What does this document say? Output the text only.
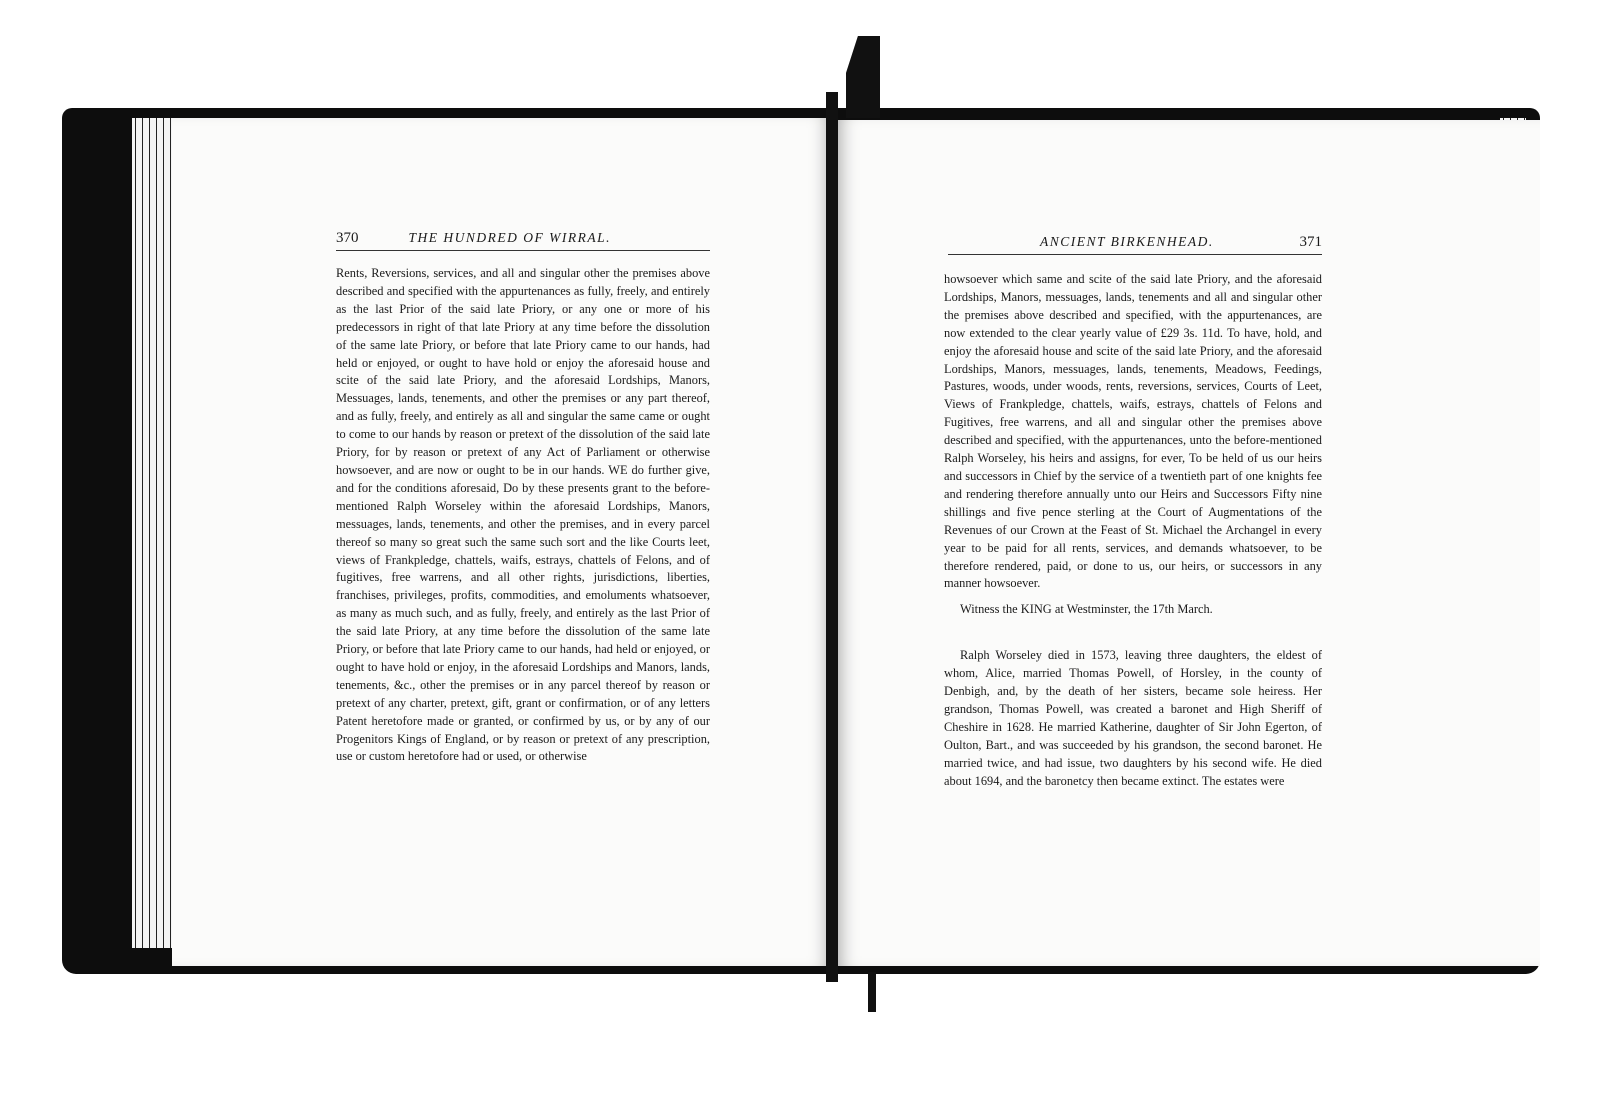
370	THE HUNDRED OF WIRRAL.

Rents, Reversions, services, and all and singular other the premises above described and specified with the appurtenances as fully, freely, and entirely as the last Prior of the said late Priory, or any one or more of his predecessors in right of that late Priory at any time before the dissolution of the same late Priory, or before that late Priory came to our hands, had held or enjoyed, or ought to have hold or enjoy the aforesaid house and scite of the said late Priory, and the aforesaid Lordships, Manors, Messuages, lands, tenements, and other the premises or any part thereof, and as fully, freely, and entirely as all and singular the same came or ought to come to our hands by reason or pretext of the dissolution of the said late Priory, for by reason or pretext of any Act of Parliament or otherwise howsoever, and are now or ought to be in our hands. WE do further give, and for the conditions aforesaid, Do by these presents grant to the before-mentioned Ralph Worseley within the aforesaid Lordships, Manors, messuages, lands, tenements, and other the premises, and in every parcel thereof so many so great such the same such sort and the like Courts leet, views of Frankpledge, chattels, waifs, estrays, chattels of Felons, and of fugitives, free warrens, and all other rights, jurisdictions, liberties, franchises, privileges, profits, commodities, and emoluments whatsoever, as many as much such, and as fully, freely, and entirely as the last Prior of the said late Priory, at any time before the dissolution of the same late Priory, or before that late Priory came to our hands, had held or enjoyed, or ought to have hold or enjoy, in the aforesaid Lordships and Manors, lands, tenements, &c., other the premises or in any parcel thereof by reason or pretext of any charter, pretext, gift, grant or confirmation, or of any letters Patent heretofore made or granted, or confirmed by us, or by any of our Progenitors Kings of England, or by reason or pretext of any prescription, use or custom heretofore had or used, or otherwise

ANCIENT BIRKENHEAD.	371

howsoever which same and scite of the said late Priory, and the aforesaid Lordships, Manors, messuages, lands, tenements and all and singular other the premises above described and specified, with the appurtenances, are now extended to the clear yearly value of £29 3s. 11d. To have, hold, and enjoy the aforesaid house and scite of the said late Priory, and the aforesaid Lordships, Manors, messuages, lands, tenements, Meadows, Feedings, Pastures, woods, under woods, rents, reversions, services, Courts of Leet, Views of Frankpledge, chattels, waifs, estrays, chattels of Felons and Fugitives, free warrens, and all and singular other the premises above described and specified, with the appurtenances, unto the before-mentioned Ralph Worseley, his heirs and assigns, for ever, To be held of us our heirs and successors in Chief by the service of a twentieth part of one knights fee and rendering therefore annually unto our Heirs and Successors Fifty nine shillings and five pence sterling at the Court of Augmentations of the Revenues of our Crown at the Feast of St. Michael the Archangel in every year to be paid for all rents, services, and demands whatsoever, to be therefore rendered, paid, or done to us, our heirs, or successors in any manner howsoever.

Witness the KING at Westminster, the 17th March.

Ralph Worseley died in 1573, leaving three daughters, the eldest of whom, Alice, married Thomas Powell, of Horsley, in the county of Denbigh, and, by the death of her sisters, became sole heiress. Her grandson, Thomas Powell, was created a baronet and High Sheriff of Cheshire in 1628. He married Katherine, daughter of Sir John Egerton, of Oulton, Bart., and was succeeded by his grandson, the second baronet. He married twice, and had issue, two daughters by his second wife. He died about 1694, and the baronetcy then became extinct. The estates were
